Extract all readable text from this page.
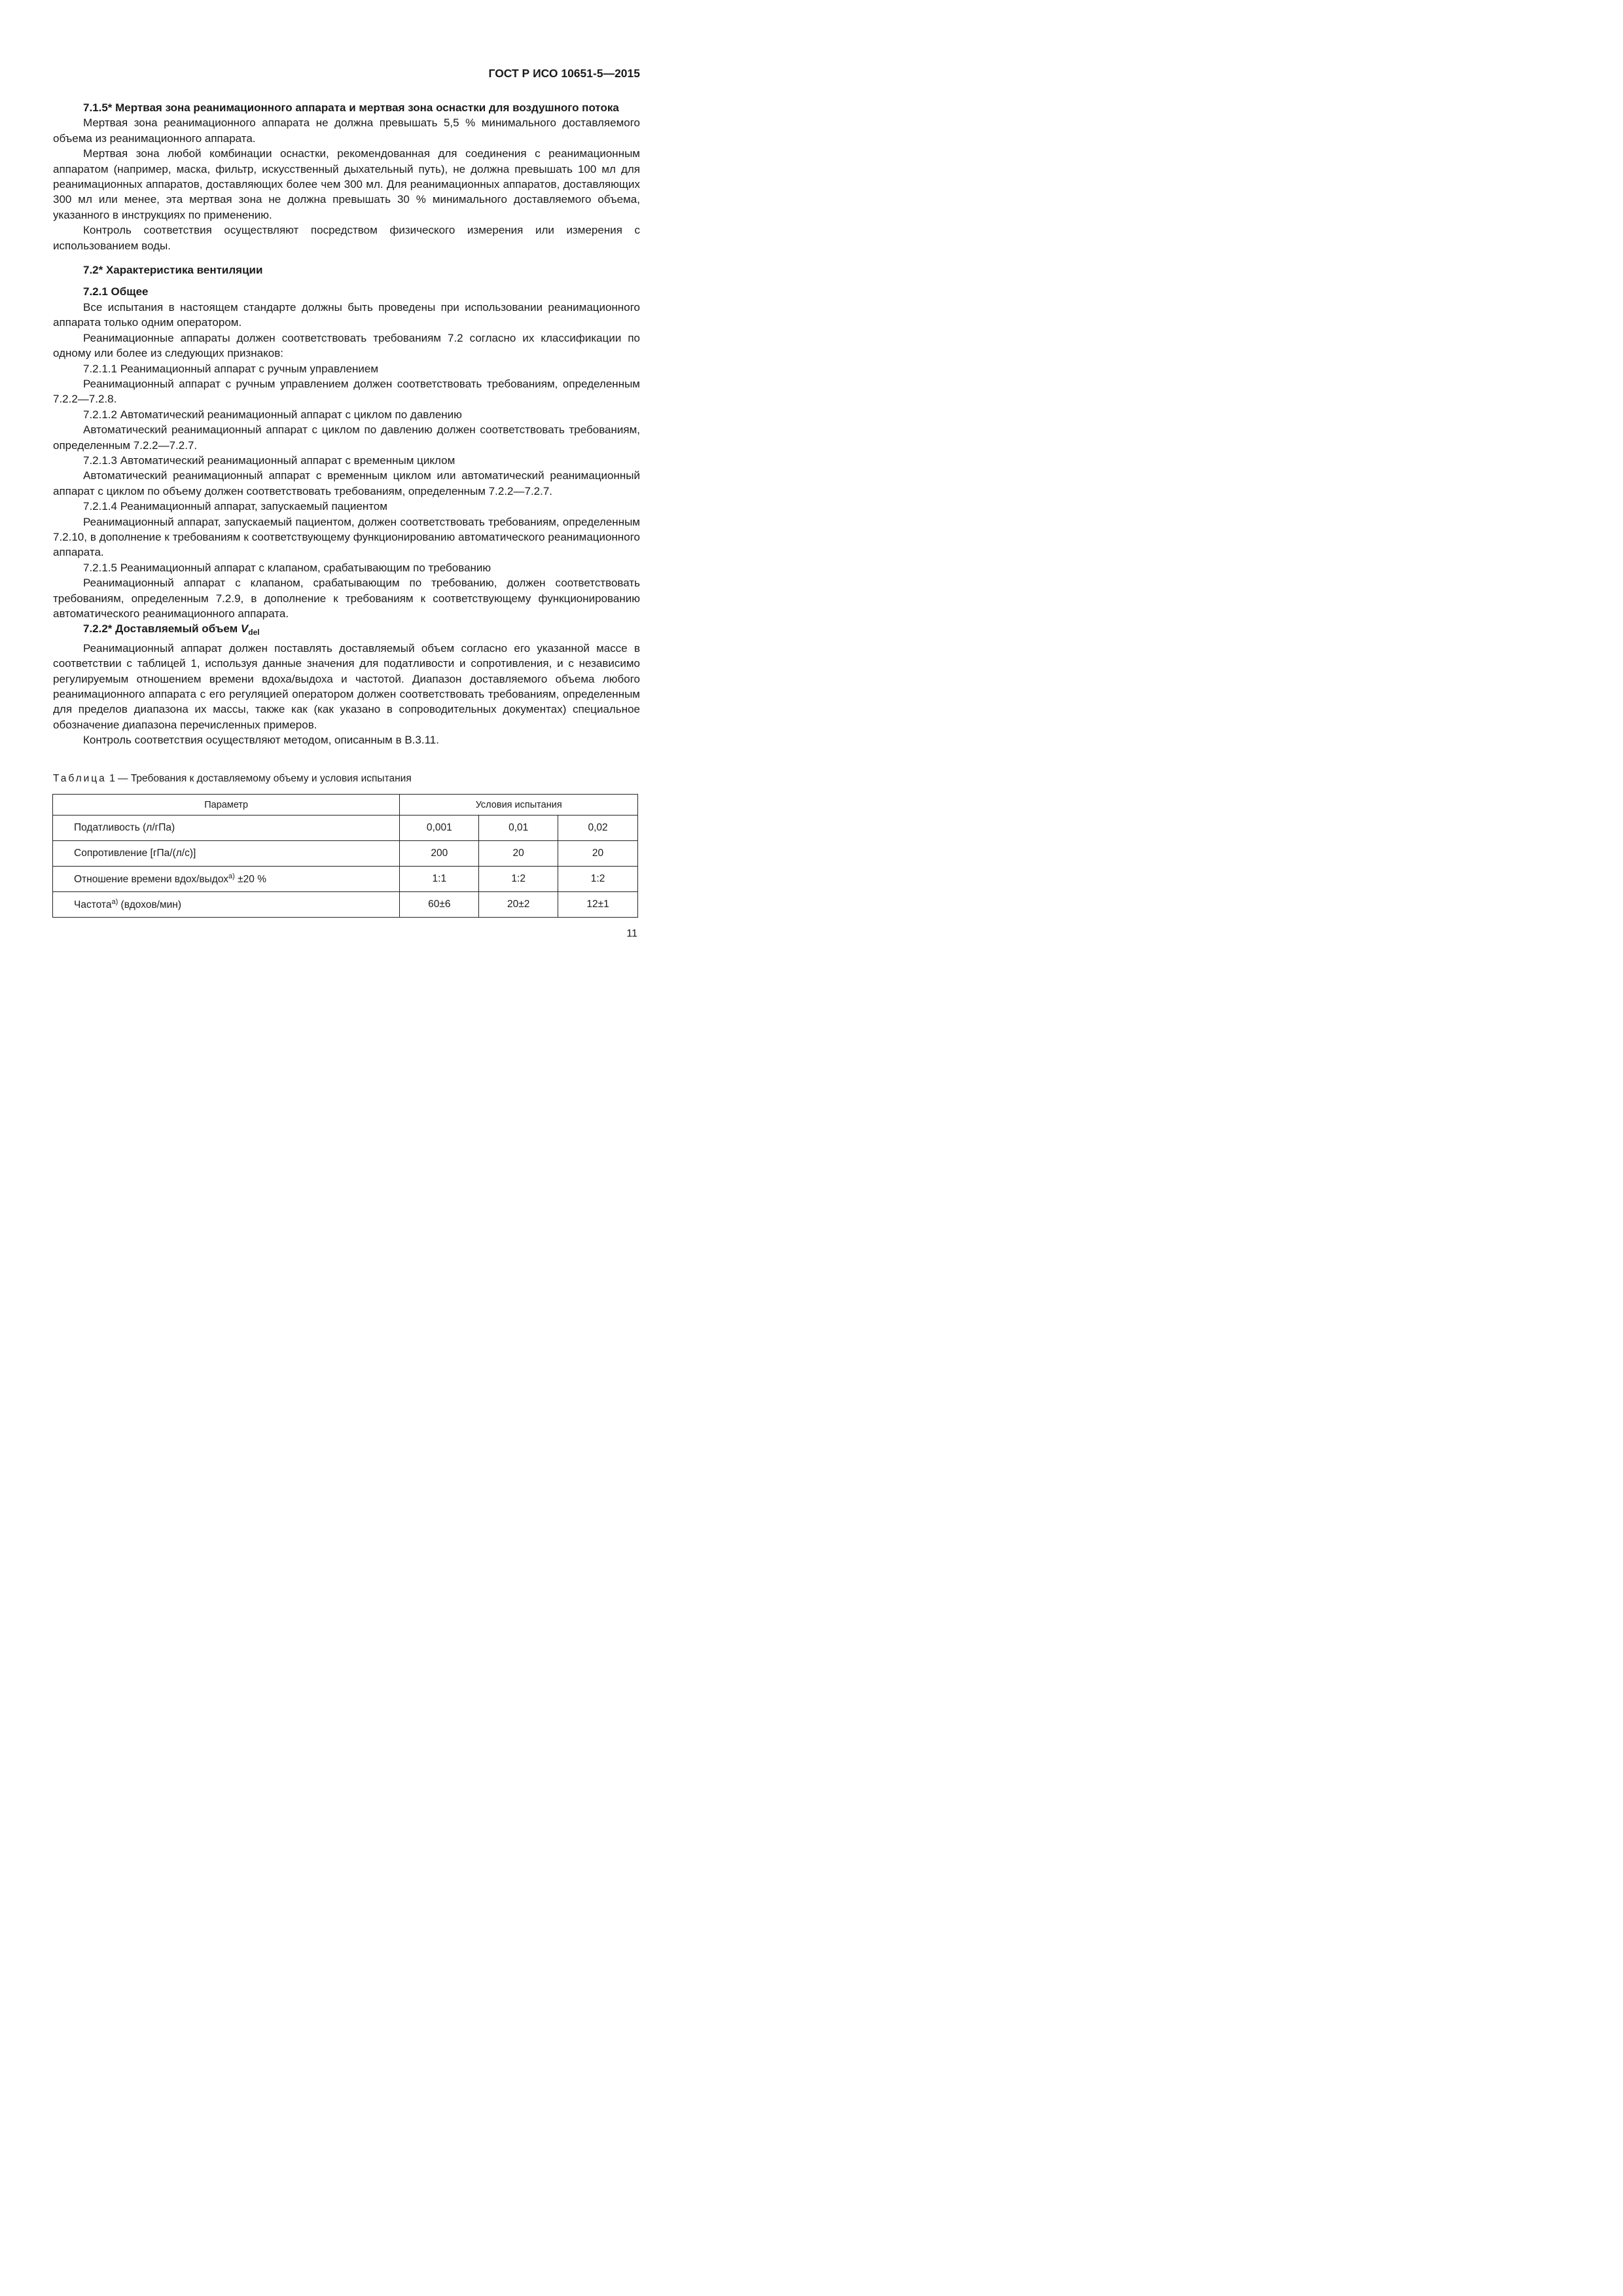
ГОСТ Р ИСО 10651-5—2015

7.1.5* Мертвая зона реанимационного аппарата и мертвая зона оснастки для воздушного потока

Мертвая зона реанимационного аппарата не должна превышать 5,5 % минимального доставляемого объема из реанимационного аппарата.

Мертвая зона любой комбинации оснастки, рекомендованная для соединения с реанимационным аппаратом (например, маска, фильтр, искусственный дыхательный путь), не должна превышать 100 мл для реанимационных аппаратов, доставляющих более чем 300 мл. Для реанимационных аппаратов, доставляющих 300 мл или менее, эта мертвая зона не должна превышать 30 % минимального доставляемого объема, указанного в инструкциях по применению.

Контроль соответствия осуществляют посредством физического измерения или измерения с использованием воды.

7.2* Характеристика вентиляции

7.2.1 Общее

Все испытания в настоящем стандарте должны быть проведены при использовании реанимационного аппарата только одним оператором.

Реанимационные аппараты должен соответствовать требованиям 7.2 согласно их классификации по одному или более из следующих признаков:

7.2.1.1 Реанимационный аппарат с ручным управлением

Реанимационный аппарат с ручным управлением должен соответствовать требованиям, определенным 7.2.2—7.2.8.

7.2.1.2 Автоматический реанимационный аппарат с циклом по давлению

Автоматический реанимационный аппарат с циклом по давлению должен соответствовать требованиям, определенным 7.2.2—7.2.7.

7.2.1.3 Автоматический реанимационный аппарат с временным циклом

Автоматический реанимационный аппарат с временным циклом или автоматический реанимационный аппарат с циклом по объему должен соответствовать требованиям, определенным 7.2.2—7.2.7.

7.2.1.4 Реанимационный аппарат, запускаемый пациентом

Реанимационный аппарат, запускаемый пациентом, должен соответствовать требованиям, определенным 7.2.10, в дополнение к требованиям к соответствующему функционированию автоматического реанимационного аппарата.

7.2.1.5 Реанимационный аппарат с клапаном, срабатывающим по требованию

Реанимационный аппарат с клапаном, срабатывающим по требованию, должен соответствовать требованиям, определенным 7.2.9, в дополнение к требованиям к соответствующему функционированию автоматического реанимационного аппарата.

7.2.2* Доставляемый объем $V_{del}$

Реанимационный аппарат должен поставлять доставляемый объем согласно его указанной массе в соответствии с таблицей 1, используя данные значения для податливости и сопротивления, и с независимо регулируемым отношением времени вдоха/выдоха и частотой. Диапазон доставляемого объема любого реанимационного аппарата с его регуляцией оператором должен соответствовать требованиям, определенным для пределов диапазона их массы, также как (как указано в сопроводительных документах) специальное обозначение диапазона перечисленных примеров.

Контроль соответствия осуществляют методом, описанным в В.3.11.

Таблица 1 — Требования к доставляемому объему и условия испытания
Параметр	Условия испытания		
Податливость (л/гПа)	0,001	0,01	0,02
Сопротивление [гПа/(л/с)]	200	20	20
Отношение времени вдох/выдох$^{а)}$ ±20 %	1:1	1:2	1:2
Частота$^{а)}$ (вдохов/мин)	60±6	20±2	12±1
11
